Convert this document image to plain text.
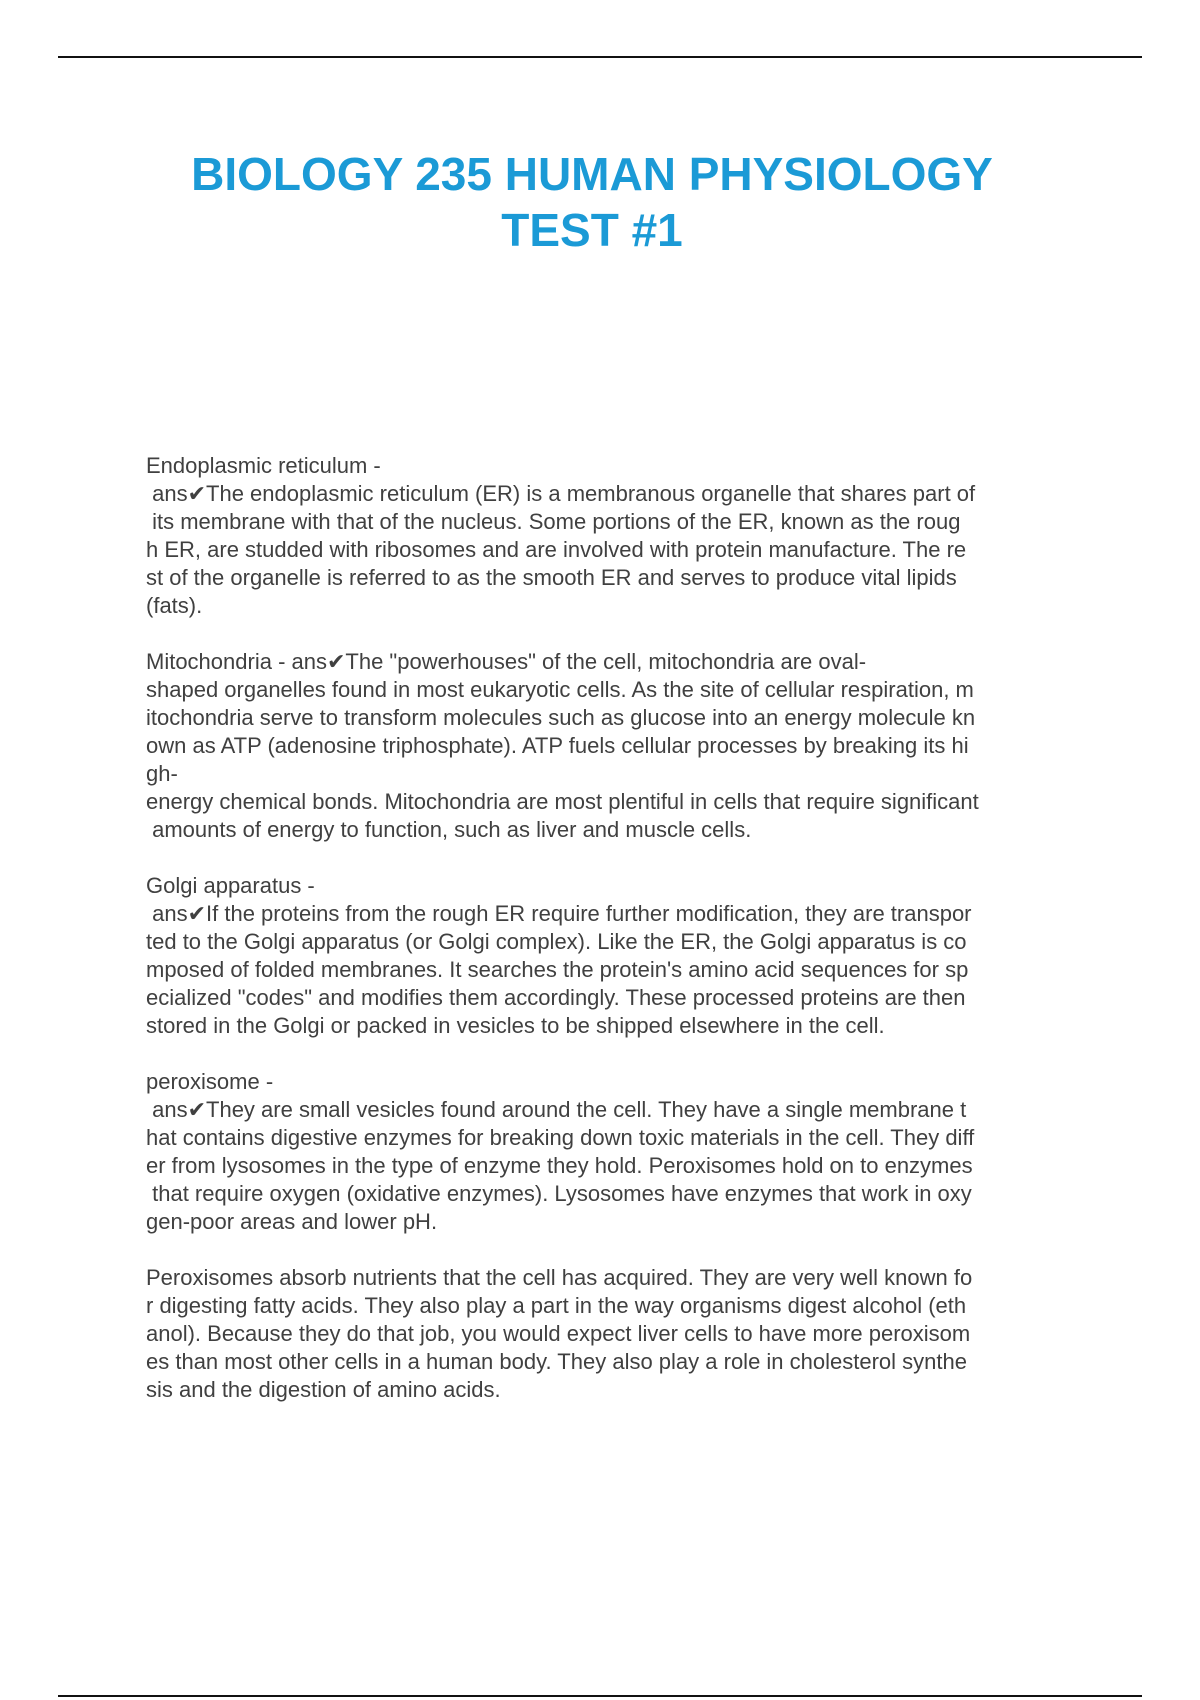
BIOLOGY 235 HUMAN PHYSIOLOGY
TEST #1
Endoplasmic reticulum -
ans✔The endoplasmic reticulum (ER) is a membranous organelle that shares part of
its membrane with that of the nucleus. Some portions of the ER, known as the roug
h ER, are studded with ribosomes and are involved with protein manufacture. The re
st of the organelle is referred to as the smooth ER and serves to produce vital lipids
(fats).
Mitochondria - ans✔The "powerhouses" of the cell, mitochondria are oval-
shaped organelles found in most eukaryotic cells. As the site of cellular respiration, m
itochondria serve to transform molecules such as glucose into an energy molecule kn
own as ATP (adenosine triphosphate). ATP fuels cellular processes by breaking its hi
gh-
energy chemical bonds. Mitochondria are most plentiful in cells that require significant
amounts of energy to function, such as liver and muscle cells.
Golgi apparatus -
ans✔If the proteins from the rough ER require further modification, they are transpor
ted to the Golgi apparatus (or Golgi complex). Like the ER, the Golgi apparatus is co
mposed of folded membranes. It searches the protein's amino acid sequences for sp
ecialized "codes" and modifies them accordingly. These processed proteins are then
stored in the Golgi or packed in vesicles to be shipped elsewhere in the cell.
peroxisome -
ans✔They are small vesicles found around the cell. They have a single membrane t
hat contains digestive enzymes for breaking down toxic materials in the cell. They diff
er from lysosomes in the type of enzyme they hold. Peroxisomes hold on to enzymes
that require oxygen (oxidative enzymes). Lysosomes have enzymes that work in oxy
gen-poor areas and lower pH.
Peroxisomes absorb nutrients that the cell has acquired. They are very well known fo
r digesting fatty acids. They also play a part in the way organisms digest alcohol (eth
anol). Because they do that job, you would expect liver cells to have more peroxisom
es than most other cells in a human body. They also play a role in cholesterol synthe
sis and the digestion of amino acids.
